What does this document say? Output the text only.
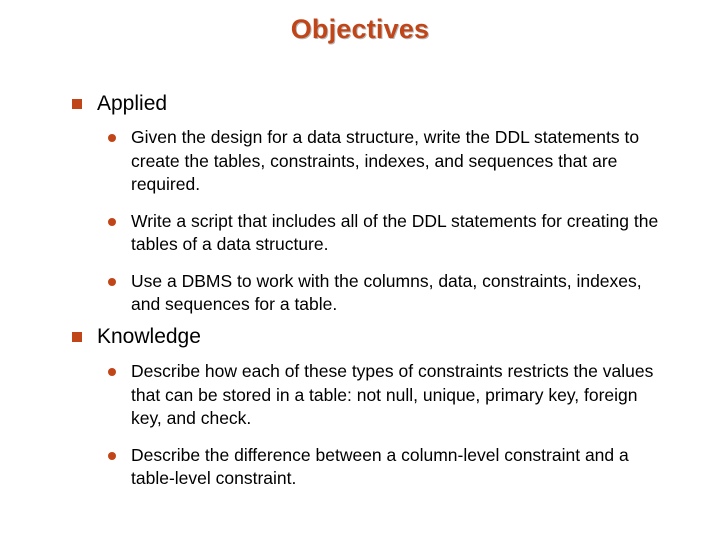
Objectives
Applied
Given the design for a data structure, write the DDL statements to create the tables, constraints, indexes, and sequences that are required.
Write a script that includes all of the DDL statements for creating the tables of a data structure.
Use a DBMS to work with the columns, data, constraints, indexes, and sequences for a table.
Knowledge
Describe how each of these types of constraints restricts the values that can be stored in a table: not null, unique, primary key, foreign key, and check.
Describe the difference between a column-level constraint and a table-level constraint.
